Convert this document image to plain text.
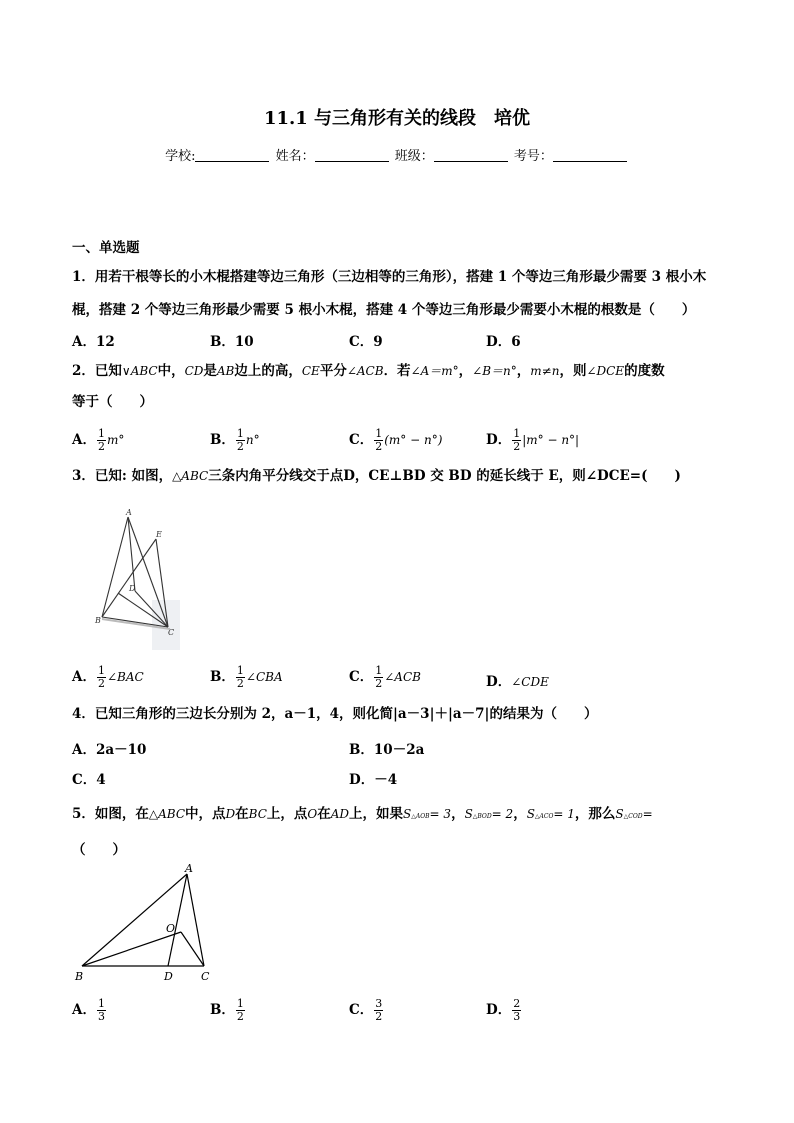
11.1 与三角形有关的线段　培优
学校:	姓名：	班级：	考号：
一、单选题
1．用若干根等长的小木棍搭建等边三角形（三边相等的三角形），搭建 1 个等边三角形最少需要 3 根小木
棍，搭建 2 个等边三角形最少需要 5 根小木棍，搭建 4 个等边三角形最少需要小木棍的根数是（　　）
A．12	B．10	C．9	D．6
2．已知∨ABC中，CD是AB边上的高，CE平分∠ACB．若∠A＝m°，∠B＝n°，m≠n，则∠DCE的度数
等于（　　）
A． $\frac{1}{2} m^\circ$	B． $\frac{1}{2} n^\circ$	C． $\frac{1}{2} (m^\circ - n^\circ)$	D． $\frac{1}{2} |m^\circ - n^\circ|$
3．已知: 如图，△ABC三条内角平分线交于点D，CE⊥BD 交 BD 的延长线于 E，则∠DCE=(　　)
A
E
D
B
C
A． $\frac{1}{2}$ ∠BAC	B． $\frac{1}{2}$ ∠CBA	C． $\frac{1}{2}$ ∠ACB	D．∠CDE
4．已知三角形的三边长分别为 2，a－1，4，则化简|a－3|＋|a－7|的结果为（　　）
A．2a－10	B．10－2a
C．4	D．－4
5．如图，在△ABC中，点D在BC上，点O在AD上，如果S△AOB= 3，S△BOD= 2，S△ACO= 1，那么S△COD=
（　　）
A
O
B	D	C
A． $\frac{1}{3}$	B． $\frac{1}{2}$	C． $\frac{3}{2}$	D． $\frac{2}{3}$
